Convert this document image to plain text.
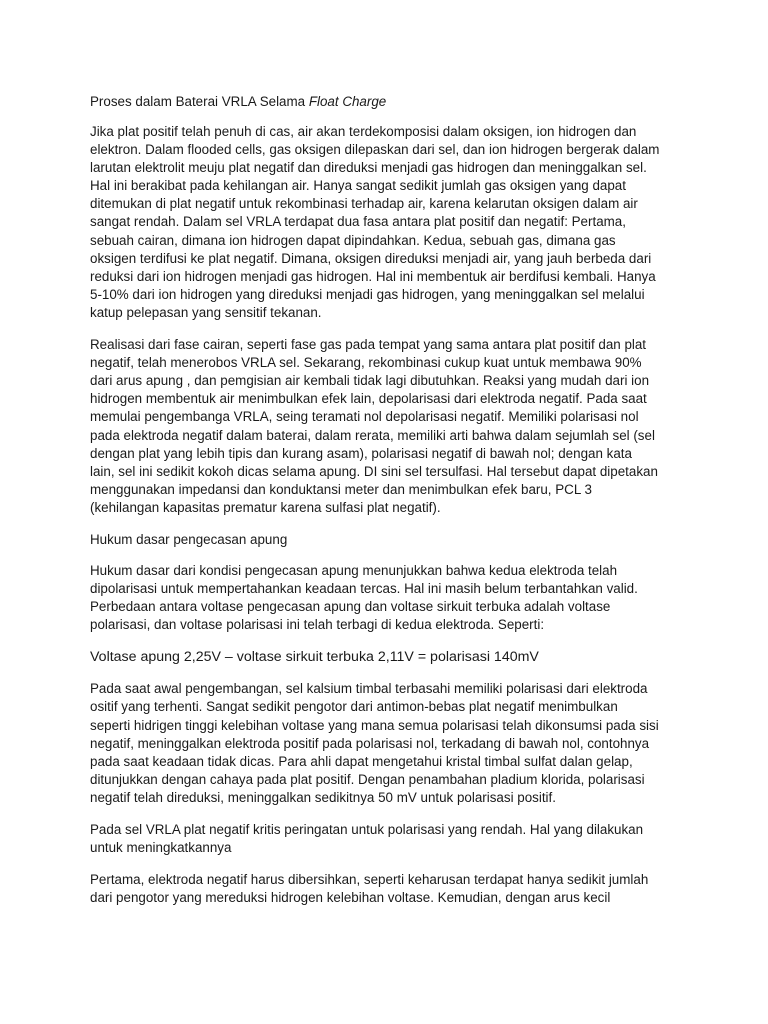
Proses dalam Baterai VRLA Selama Float Charge
Jika plat positif telah penuh di cas, air akan terdekomposisi dalam oksigen, ion hidrogen dan
elektron. Dalam flooded cells, gas oksigen dilepaskan dari sel, dan ion hidrogen bergerak dalam
larutan elektrolit meuju plat negatif dan direduksi menjadi gas hidrogen dan meninggalkan sel.
Hal ini berakibat pada kehilangan air. Hanya sangat sedikit jumlah gas oksigen yang dapat
ditemukan di plat negatif untuk rekombinasi terhadap air, karena kelarutan oksigen dalam air
sangat rendah. Dalam sel VRLA terdapat dua fasa antara plat positif dan negatif: Pertama,
sebuah cairan, dimana ion hidrogen dapat dipindahkan. Kedua, sebuah gas, dimana gas
oksigen terdifusi ke plat negatif. Dimana, oksigen direduksi menjadi air, yang jauh berbeda dari
reduksi dari ion hidrogen menjadi gas hidrogen. Hal ini membentuk air berdifusi kembali. Hanya
5-10% dari ion hidrogen yang direduksi menjadi gas hidrogen, yang meninggalkan sel melalui
katup pelepasan yang sensitif tekanan.
Realisasi dari fase cairan, seperti fase gas pada tempat yang sama antara plat positif dan plat
negatif, telah menerobos VRLA sel. Sekarang, rekombinasi cukup kuat untuk membawa 90%
dari arus apung , dan pemgisian air kembali tidak lagi dibutuhkan. Reaksi yang mudah dari ion
hidrogen membentuk air menimbulkan efek lain, depolarisasi dari elektroda negatif. Pada saat
memulai pengembanga VRLA, seing teramati nol depolarisasi negatif. Memiliki polarisasi nol
pada elektroda negatif dalam baterai, dalam rerata, memiliki arti bahwa dalam sejumlah sel (sel
dengan plat yang lebih tipis dan kurang asam), polarisasi negatif di bawah nol; dengan kata
lain, sel ini sedikit kokoh dicas selama apung. DI sini sel tersulfasi. Hal tersebut dapat dipetakan
menggunakan impedansi dan konduktansi meter dan menimbulkan efek baru, PCL 3
(kehilangan kapasitas prematur karena sulfasi plat negatif).
Hukum dasar pengecasan apung
Hukum dasar dari kondisi pengecasan apung menunjukkan bahwa kedua elektroda telah
dipolarisasi untuk mempertahankan keadaan tercas. Hal ini masih belum terbantahkan valid.
Perbedaan antara voltase pengecasan apung dan voltase sirkuit terbuka adalah voltase
polarisasi, dan voltase polarisasi ini telah terbagi di kedua elektroda. Seperti:
Voltase apung 2,25V – voltase sirkuit terbuka 2,11V = polarisasi 140mV
Pada saat awal pengembangan, sel kalsium timbal terbasahi memiliki polarisasi dari elektroda
ositif yang terhenti. Sangat sedikit pengotor dari antimon-bebas plat negatif menimbulkan
seperti hidrigen tinggi kelebihan voltase yang mana semua polarisasi telah dikonsumsi pada sisi
negatif, meninggalkan elektroda positif pada polarisasi nol, terkadang di bawah nol, contohnya
pada saat keadaan tidak dicas. Para ahli dapat mengetahui kristal timbal sulfat dalan gelap,
ditunjukkan dengan cahaya pada plat positif. Dengan penambahan pladium klorida, polarisasi
negatif telah direduksi, meninggalkan sedikitnya 50 mV untuk polarisasi positif.
Pada sel VRLA plat negatif kritis peringatan untuk polarisasi yang rendah. Hal yang dilakukan
untuk meningkatkannya
Pertama, elektroda negatif harus dibersihkan, seperti keharusan terdapat hanya sedikit jumlah
dari pengotor yang mereduksi hidrogen kelebihan voltase. Kemudian, dengan arus kecil
